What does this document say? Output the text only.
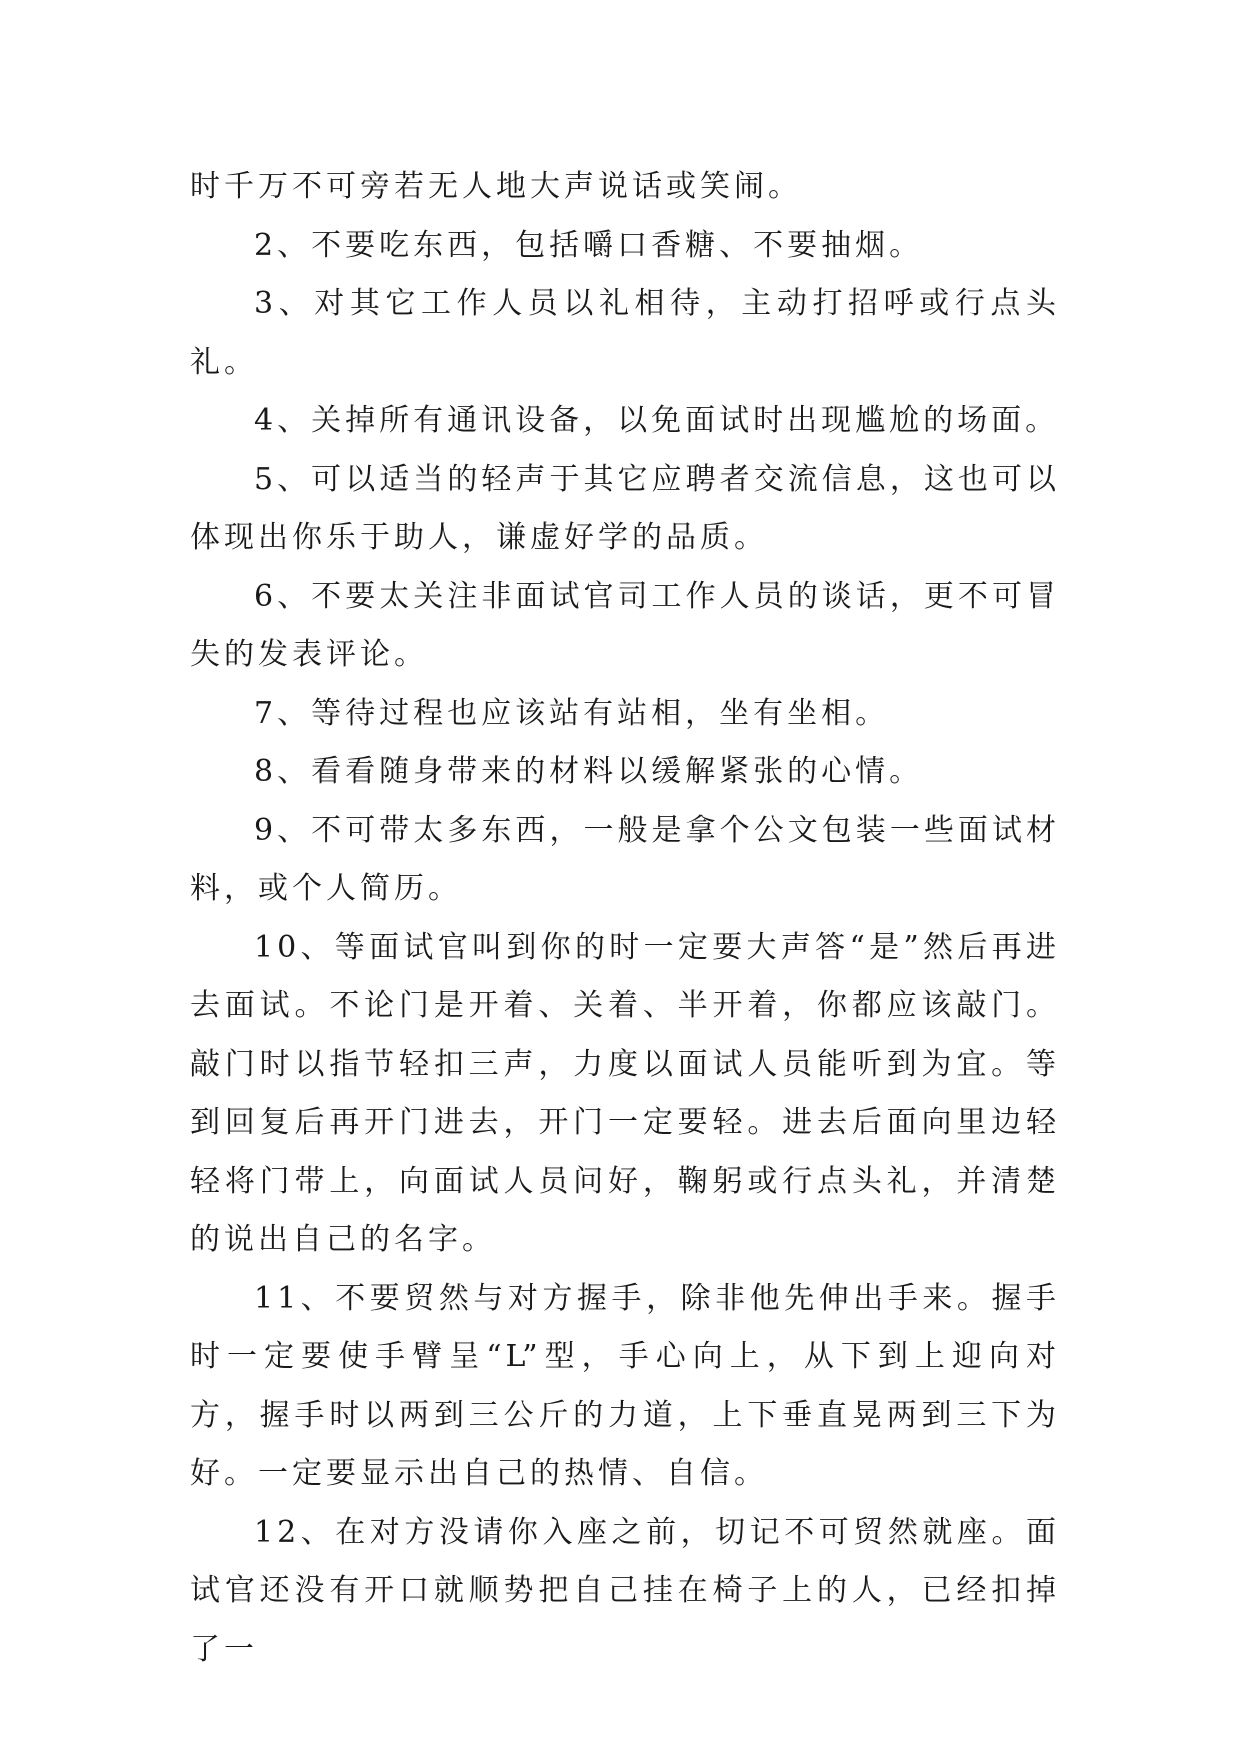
时千万不可旁若无人地大声说话或笑闹。

2、不要吃东西，包括嚼口香糖、不要抽烟。

3、对其它工作人员以礼相待，主动打招呼或行点头礼。

4、关掉所有通讯设备，以免面试时出现尴尬的场面。

5、可以适当的轻声于其它应聘者交流信息，这也可以体现出你乐于助人，谦虚好学的品质。

6、不要太关注非面试官司工作人员的谈话，更不可冒失的发表评论。

7、等待过程也应该站有站相，坐有坐相。

8、看看随身带来的材料以缓解紧张的心情。

9、不可带太多东西，一般是拿个公文包装一些面试材料，或个人简历。

10、等面试官叫到你的时一定要大声答“是”然后再进去面试。不论门是开着、关着、半开着，你都应该敲门。敲门时以指节轻扣三声，力度以面试人员能听到为宜。等到回复后再开门进去，开门一定要轻。进去后面向里边轻轻将门带上，向面试人员问好，鞠躬或行点头礼，并清楚的说出自己的名字。

11、不要贸然与对方握手，除非他先伸出手来。握手时一定要使手臂呈“L”型，手心向上，从下到上迎向对方，握手时以两到三公斤的力道，上下垂直晃两到三下为好。一定要显示出自己的热情、自信。

12、在对方没请你入座之前，切记不可贸然就座。面试官还没有开口就顺势把自己挂在椅子上的人，已经扣掉了一
